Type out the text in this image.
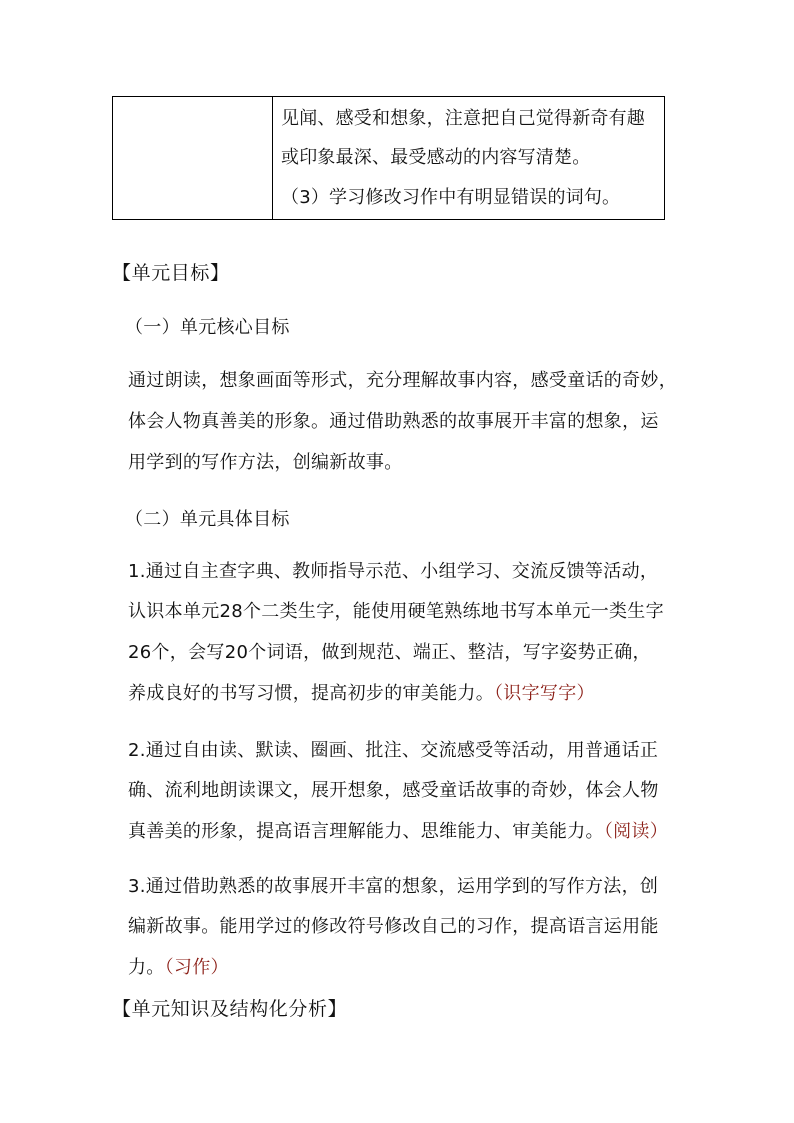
见闻、感受和想象，注意把自己觉得新奇有趣
或印象最深、最受感动的内容写清楚。
（3）学习修改习作中有明显错误的词句。
【单元目标】
（一）单元核心目标
通过朗读，想象画面等形式，充分理解故事内容，感受童话的奇妙，
体会人物真善美的形象。通过借助熟悉的故事展开丰富的想象，运
用学到的写作方法，创编新故事。
（二）单元具体目标
1.通过自主查字典、教师指导示范、小组学习、交流反馈等活动，
认识本单元28个二类生字，能使用硬笔熟练地书写本单元一类生字
26个，会写20个词语，做到规范、端正、整洁，写字姿势正确，
养成良好的书写习惯，提高初步的审美能力。（识字写字）
2.通过自由读、默读、圈画、批注、交流感受等活动，用普通话正
确、流利地朗读课文，展开想象，感受童话故事的奇妙，体会人物
真善美的形象，提高语言理解能力、思维能力、审美能力。（阅读）
3.通过借助熟悉的故事展开丰富的想象，运用学到的写作方法，创
编新故事。能用学过的修改符号修改自己的习作，提高语言运用能
力。（习作）
【单元知识及结构化分析】
